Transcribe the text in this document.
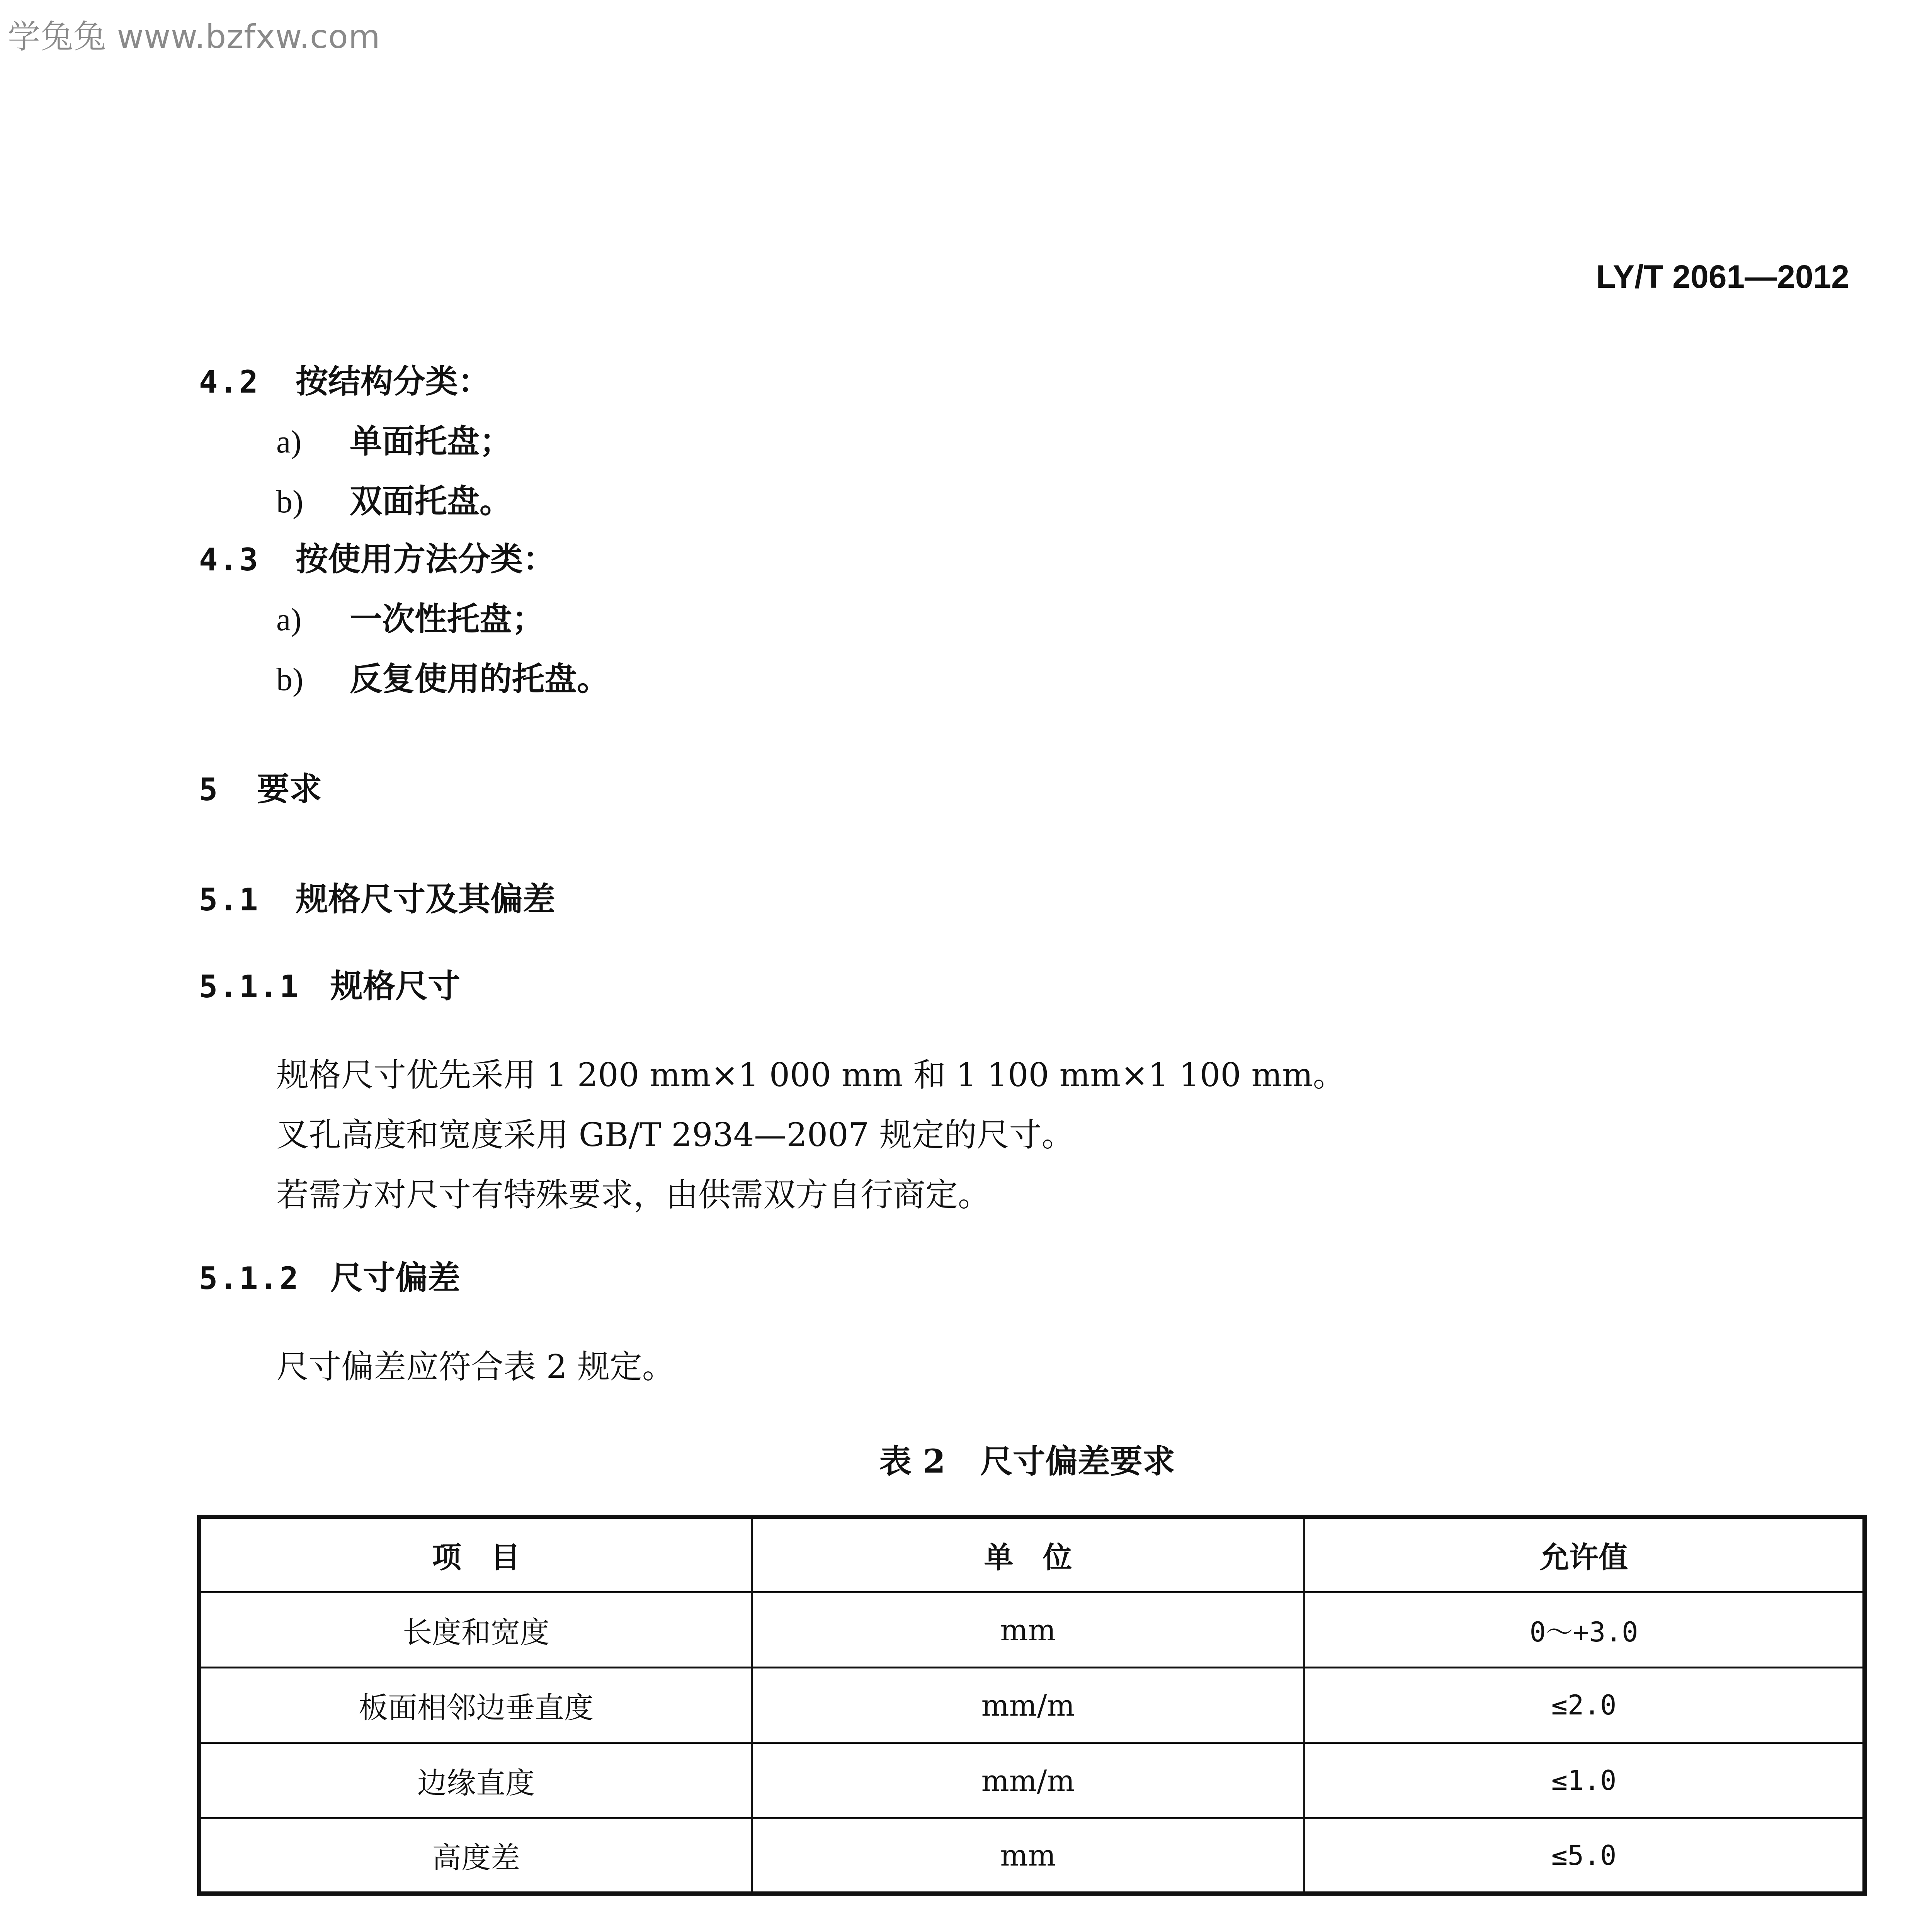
学兔兔 www.bzfxw.com
LY/T 2061—2012
4.2 按结构分类：
a) 单面托盘；
b) 双面托盘。
4.3 按使用方法分类：
a) 一次性托盘；
b) 反复使用的托盘。
5 要求
5.1 规格尺寸及其偏差
5.1.1 规格尺寸
规格尺寸优先采用 1 200 mm×1 000 mm 和 1 100 mm×1 100 mm。
叉孔高度和宽度采用 GB/T 2934—2007 规定的尺寸。
若需方对尺寸有特殊要求，由供需双方自行商定。
5.1.2 尺寸偏差
尺寸偏差应符合表 2 规定。
表 2 尺寸偏差要求
项　目	单　位	允许值
长度和宽度	mm	0～+3.0
板面相邻边垂直度	mm/m	≤2.0
边缘直度	mm/m	≤1.0
高度差	mm	≤5.0
